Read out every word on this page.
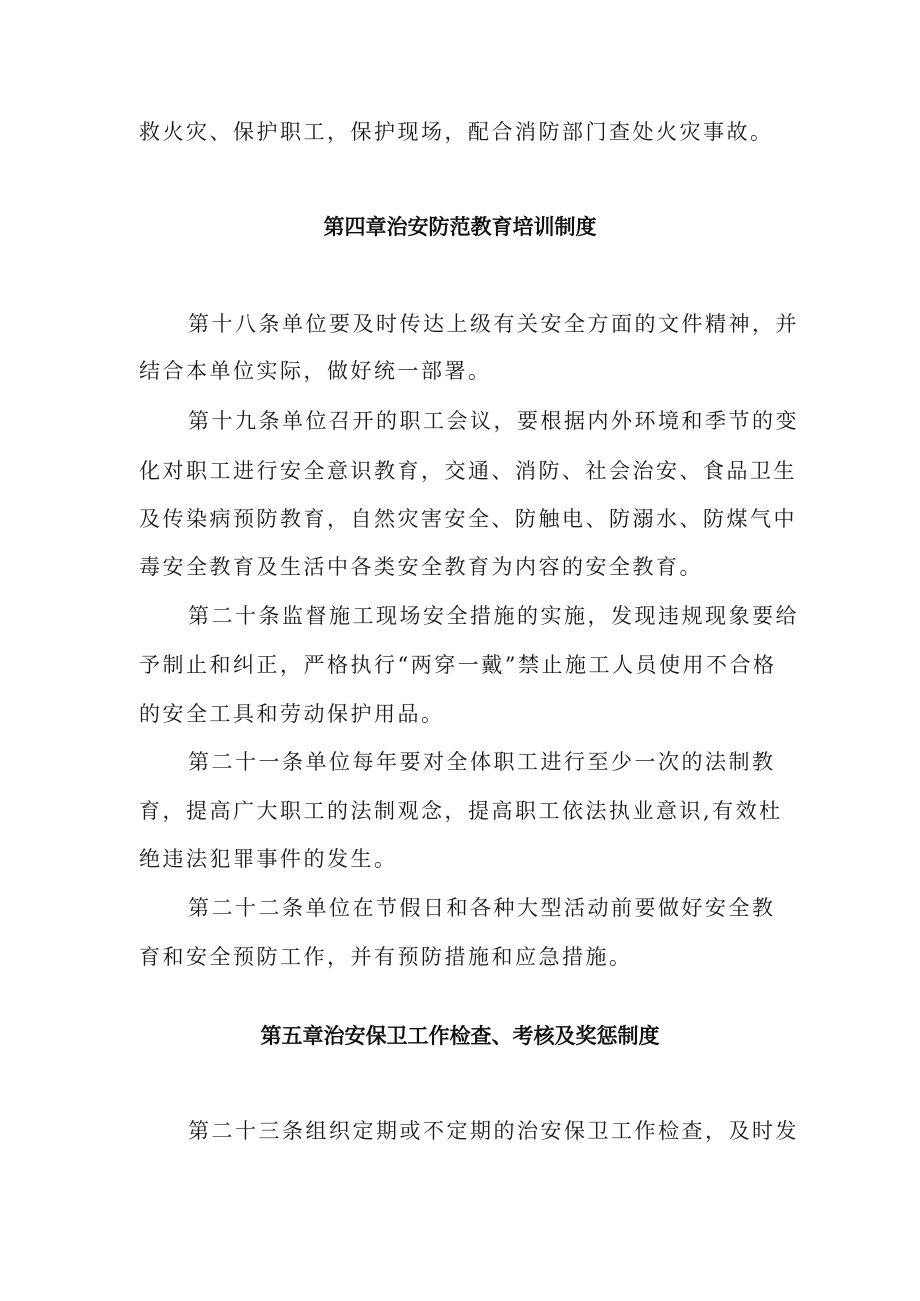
救火灾、保护职工，保护现场，配合消防部门查处火灾事故。
第四章治安防范教育培训制度
第十八条单位要及时传达上级有关安全方面的文件精神，并
结合本单位实际，做好统一部署。
第十九条单位召开的职工会议，要根据内外环境和季节的变
化对职工进行安全意识教育，交通、消防、社会治安、食品卫生
及传染病预防教育，自然灾害安全、防触电、防溺水、防煤气中
毒安全教育及生活中各类安全教育为内容的安全教育。
第二十条监督施工现场安全措施的实施，发现违规现象要给
予制止和纠正，严格执行“两穿一戴”禁止施工人员使用不合格
的安全工具和劳动保护用品。
第二十一条单位每年要对全体职工进行至少一次的法制教
育，提高广大职工的法制观念，提高职工依法执业意识,有效杜
绝违法犯罪事件的发生。
第二十二条单位在节假日和各种大型活动前要做好安全教
育和安全预防工作，并有预防措施和应急措施。
第五章治安保卫工作检查、考核及奖惩制度
第二十三条组织定期或不定期的治安保卫工作检查，及时发
